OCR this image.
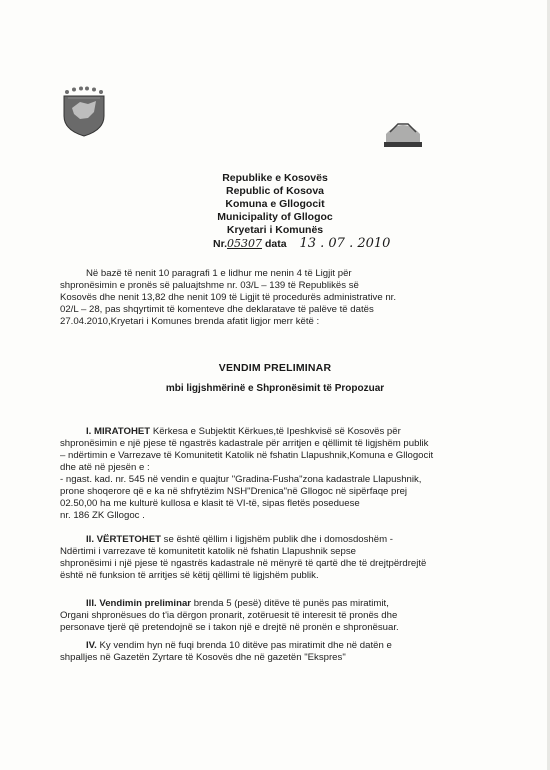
Republike e Kosovës
Republic of Kosova
Komuna e Gllogocit
Municipality of Gllogoc
Kryetari i Komunës
Nr.05307 data 13 . 07 . 2010
Në bazë të nenit 10 paragrafi 1 e lidhur me nenin 4 të Ligjit për
shpronësimin e pronës së paluajtshme nr. 03/L – 139 të Republikës së
Kosovës dhe nenit 13,82 dhe nenit 109 të Ligjit të procedurës administrative nr.
02/L – 28, pas shqyrtimit të komenteve dhe deklaratave të palëve të datës
27.04.2010,Kryetari i Komunes brenda afatit ligjor merr këtë :
VENDIM PRELIMINAR
mbi ligjshmërinë e Shpronësimit të Propozuar
I. MIRATOHET Kërkesa e Subjektit Kërkues,të Ipeshkvisë së Kosovës për
shpronësimin e një pjese të ngastrës kadastrale për arritjen e qëllimit të ligjshëm publik
– ndërtimin e Varrezave të Komunitetit Katolik në fshatin Llapushnik,Komuna e Gllogocit
dhe atë në pjesën e :
- ngast. kad. nr. 545 në vendin e quajtur "Gradina-Fusha"zona kadastrale Llapushnik,
prone shoqerore që e ka në shfrytëzim NSH"Drenica"në Gllogoc në sipërfaqe prej
02.50,00 ha me kulturë kullosa e klasit të VI-të, sipas fletës poseduese
nr. 186 ZK Gllogoc .
II. VËRTETOHET se është qëllim i ligjshëm publik dhe i domosdoshëm -
Ndërtimi i varrezave të komunitetit katolik në fshatin Llapushnik sepse
shpronësimi i një pjese të ngastrës kadastrale në mënyrë të qartë dhe të drejtpërdrejtë
është në funksion të arritjes së këtij qëllimi të ligjshëm publik.
III. Vendimin preliminar brenda 5 (pesë) ditëve të punës pas miratimit,
Organi shpronësues do t'ia dërgon pronarit, zotëruesit të interesit të pronës dhe
personave tjerë që pretendojnë se i takon një e drejtë në pronën e shpronësuar.
IV. Ky vendim hyn në fuqi brenda 10 ditëve pas miratimit dhe në datën e
shpalljes në Gazetën Zyrtare të Kosovës dhe në gazetën "Ekspres"
